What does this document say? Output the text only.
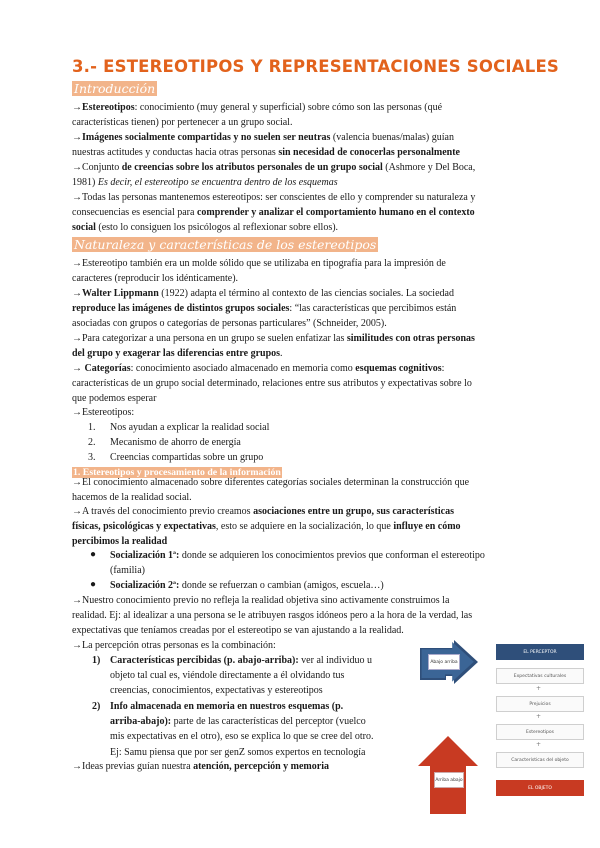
3.- ESTEREOTIPOS Y REPRESENTACIONES SOCIALES
Introducción

→Estereotipos: conocimiento (muy general y superficial) sobre cómo son las personas (qué
características tienen) por pertenecer a un grupo social.

→Imágenes socialmente compartidas y no suelen ser neutras (valencia buenas/malas) guían
nuestras actitudes y conductas hacia otras personas sin necesidad de conocerlas personalmente

→Conjunto de creencias sobre los atributos personales de un grupo social (Ashmore y Del Boca,
1981) Es decir, el estereotipo se encuentra dentro de los esquemas

→Todas las personas mantenemos estereotipos: ser conscientes de ello y comprender su naturaleza y
consecuencias es esencial para comprender y analizar el comportamiento humano en el contexto
social (esto lo consiguen los psicólogos al reflexionar sobre ellos).

Naturaleza y características de los estereotipos

→Estereotipo también era un molde sólido que se utilizaba en tipografía para la impresión de
caracteres (reproducir los idénticamente).

→Walter Lippmann (1922) adapta el término al contexto de las ciencias sociales. La sociedad
reproduce las imágenes de distintos grupos sociales: “las características que percibimos están
asociadas con grupos o categorías de personas particulares” (Schneider, 2005).

→Para categorizar a una persona en un grupo se suelen enfatizar las similitudes con otras personas
del grupo y exagerar las diferencias entre grupos.

→ Categorías: conocimiento asociado almacenado en memoria como esquemas cognitivos:
características de un grupo social determinado, relaciones entre sus atributos y expectativas sobre lo
que podemos esperar

→Estereotipos:

1. Nos ayudan a explicar la realidad social
2. Mecanismo de ahorro de energía
3. Creencias compartidas sobre un grupo
1. Estereotipos y procesamiento de la información

→El conocimiento almacenado sobre diferentes categorías sociales determinan la construcción que
hacemos de la realidad social.

→A través del conocimiento previo creamos asociaciones entre un grupo, sus características
físicas, psicológicas y expectativas, esto se adquiere en la socialización, lo que influye en cómo
percibimos la realidad

● Socialización 1ª: donde se adquieren los conocimientos previos que conforman el estereotipo
(familia)

● Socialización 2ª: donde se refuerzan o cambian (amigos, escuela…)

→Nuestro conocimiento previo no refleja la realidad objetiva sino activamente construimos la
realidad. Ej: al idealizar a una persona se le atribuyen rasgos idóneos pero a la hora de la verdad, las
expectativas que teníamos creadas por el estereotipo se van ajustando a la realidad.

→La percepción otras personas es la combinación:

1) Características percibidas (p. abajo-arriba): ver al individuo u
objeto tal cual es, viéndole directamente a él olvidando tus
creencias, conocimientos, expectativas y estereotipos

2) Info almacenada en memoria en nuestros esquemas (p.
arriba-abajo): parte de las características del perceptor (vuelco
mis expectativas en el otro), eso se explica lo que se cree del otro.
Ej: Samu piensa que por ser genZ somos expertos en tecnología

→Ideas previas guían nuestra atención, percepción y memoria

Abajo arriba
Arriba abajo
EL PERCEPTOR
Expectativas culturales
+
Prejuicios
+
Estereotipos
+
Características del objeto
EL OBJETO
